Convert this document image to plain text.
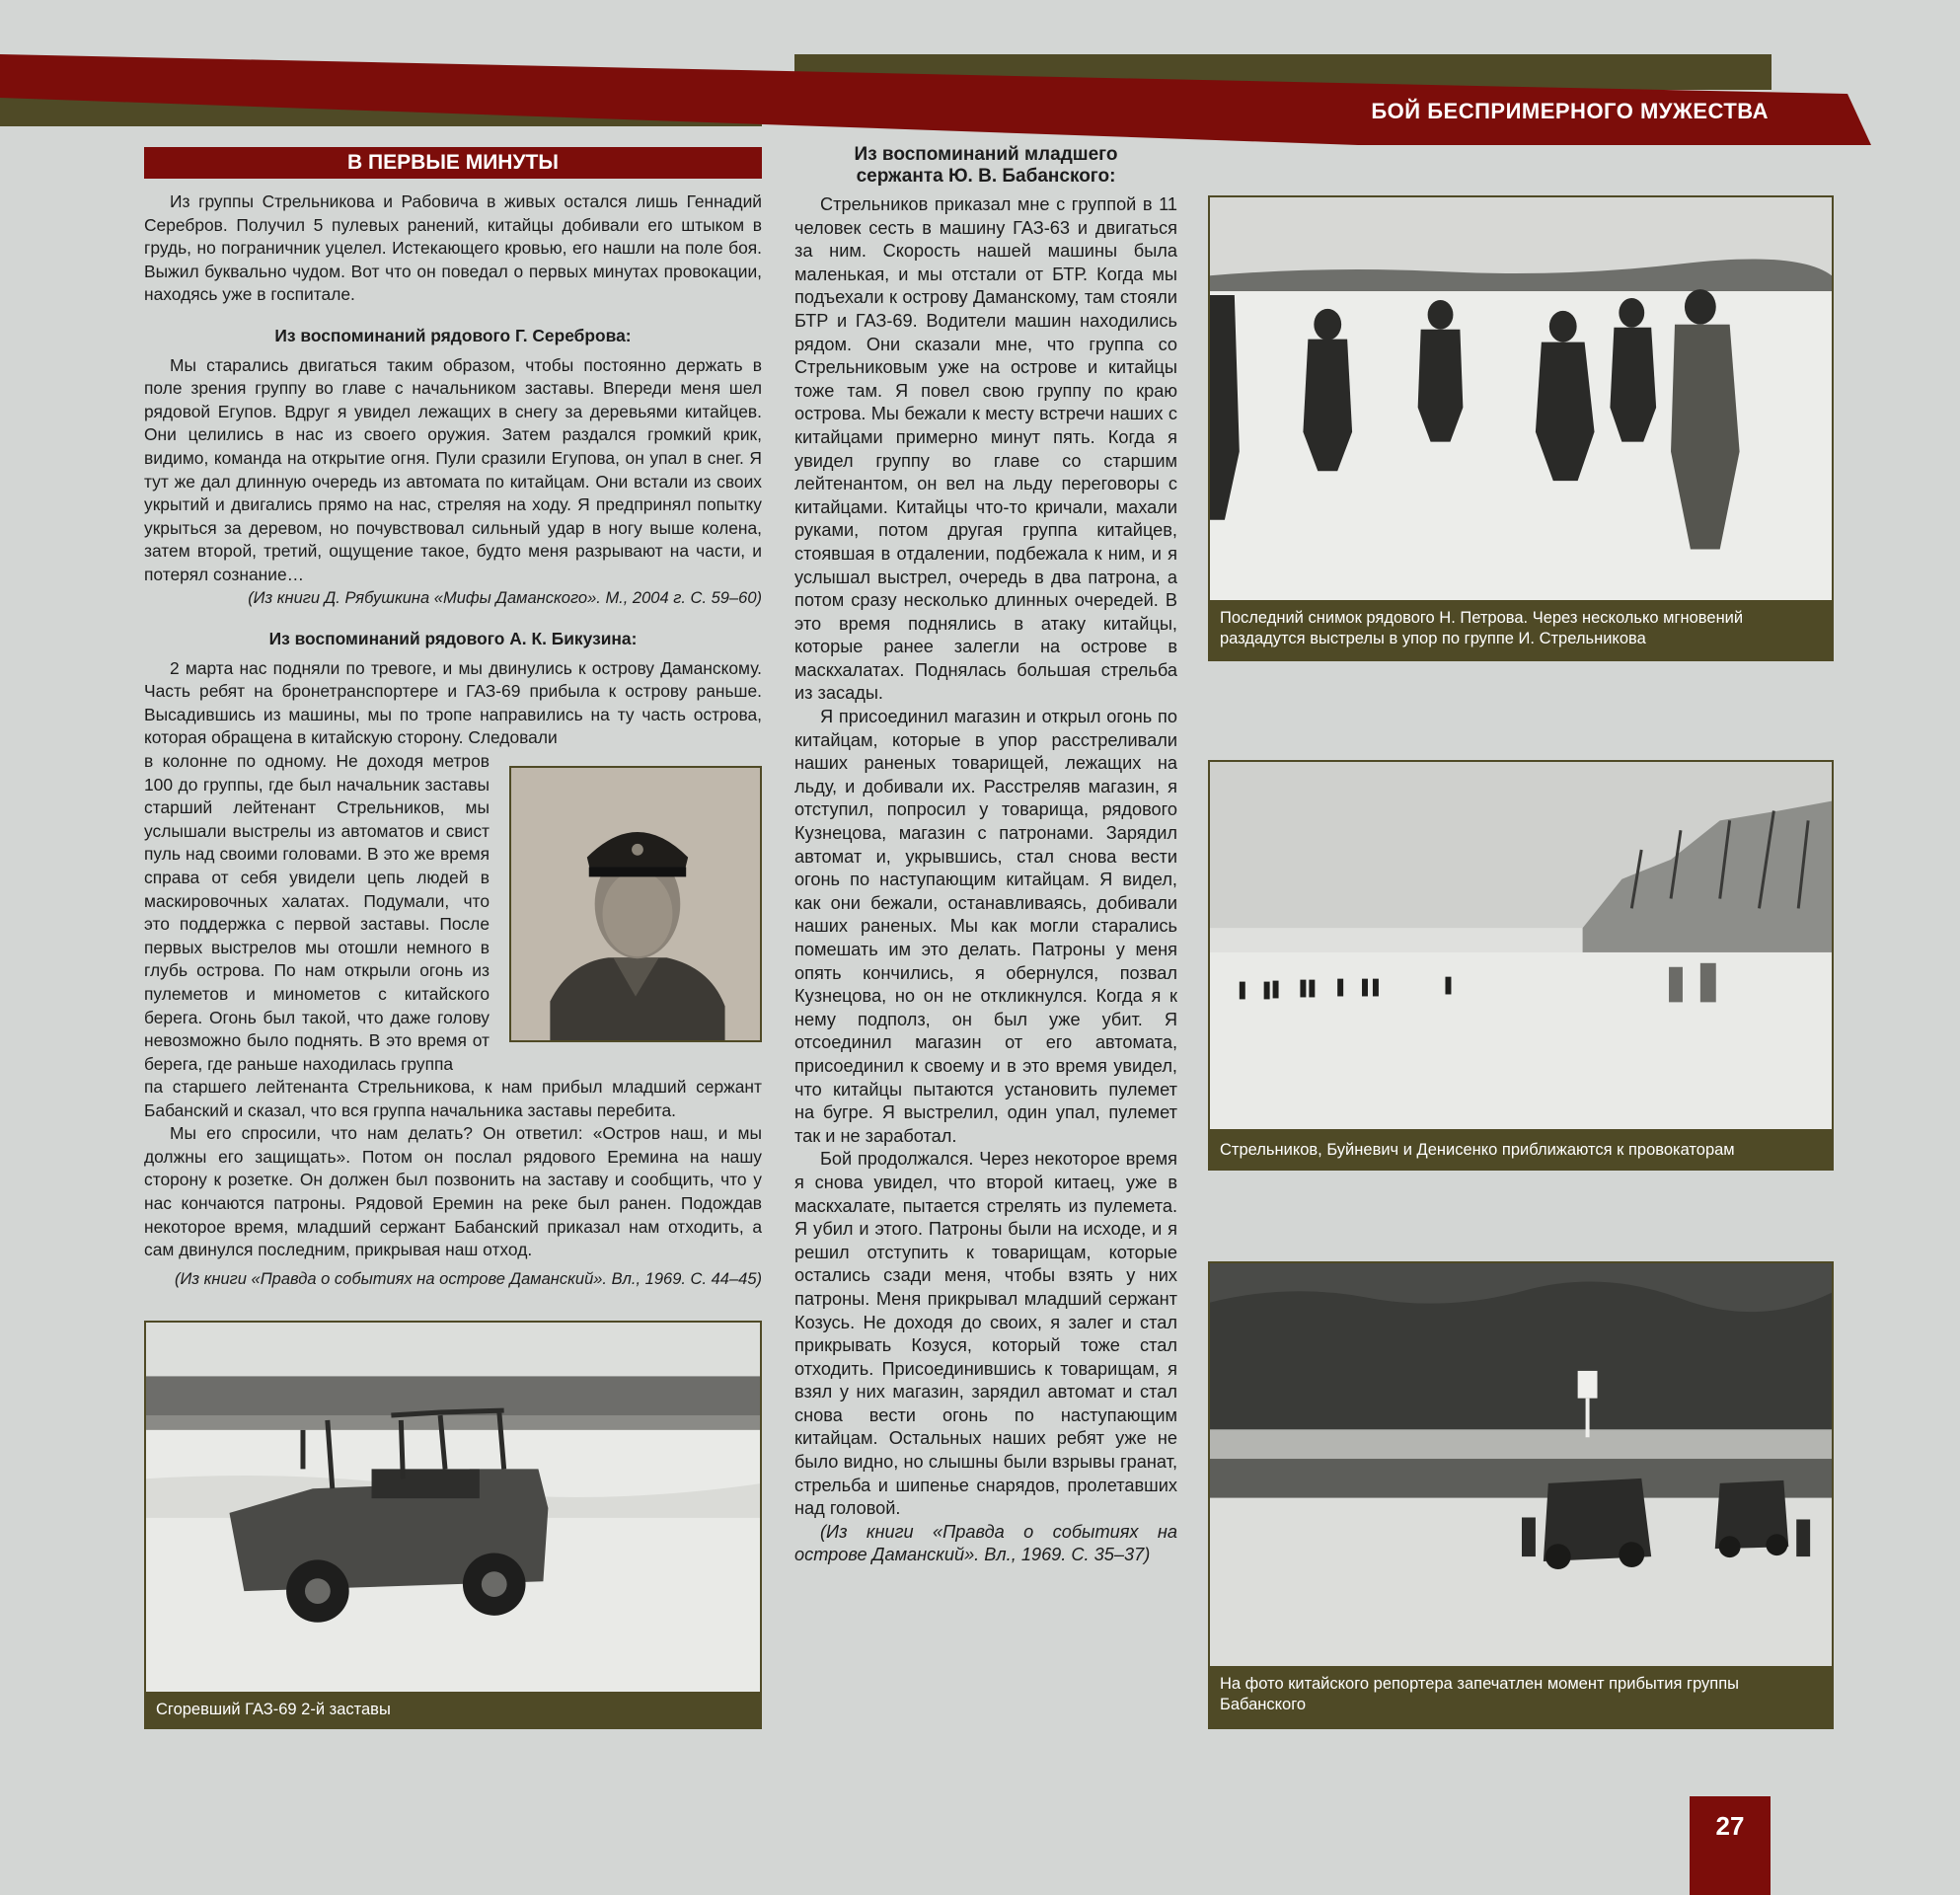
БОЙ БЕСПРИМЕРНОГО МУЖЕСТВА
В ПЕРВЫЕ МИНУТЫ

Из группы Стрельникова и Рабовича в живых остался лишь Геннадий Серебров. Получил 5 пулевых ранений, китайцы добивали его штыком в грудь, но пограничник уцелел. Истекающего кровью, его нашли на поле боя. Выжил буквально чудом. Вот что он поведал о первых минутах провокации, находясь уже в госпитале.

Из воспоминаний рядового Г. Сереброва:

Мы старались двигаться таким образом, чтобы постоянно держать в поле зрения группу во главе с начальником заставы. Впереди меня шел рядовой Егупов. Вдруг я увидел лежащих в снегу за деревьями китайцев. Они целились в нас из своего оружия. Затем раздался громкий крик, видимо, команда на открытие огня. Пули сразили Егупова, он упал в снег. Я тут же дал длинную очередь из автомата по китайцам. Они встали из своих укрытий и двигались прямо на нас, стреляя на ходу. Я предпринял попытку укрыться за деревом, но почувствовал сильный удар в ногу выше колена, затем второй, третий, ощущение такое, будто меня разрывают на части, и потерял сознание…

(Из книги Д. Рябушкина «Мифы Даманского». М., 2004 г. С. 59–60)

Из воспоминаний рядового А. К. Бикузина:

2 марта нас подняли по тревоге, и мы двинулись к острову Даманскому. Часть ребят на бронетранспортере и ГАЗ-69 прибыла к острову раньше. Высадившись из машины, мы по тропе направились на ту часть острова, которая обращена в китайскую сторону. Следовали

в колонне по одному. Не доходя метров 100 до группы, где был начальник заставы старший лейтенант Стрельников, мы услышали выстрелы из автоматов и свист пуль над своими головами. В это же время справа от себя увидели цепь людей в маскировочных халатах. Подумали, что это поддержка с первой заставы. После первых выстрелов мы отошли немного в глубь острова. По нам открыли огонь из пулеметов и минометов с китайского берега. Огонь был такой, что даже голову невозможно было поднять. В это время от берега, где раньше находилась группа

па старшего лейтенанта Стрельникова, к нам прибыл младший сержант Бабанский и сказал, что вся группа начальника заставы перебита.

Мы его спросили, что нам делать? Он ответил: «Остров наш, и мы должны его защищать». Потом он послал рядового Еремина на нашу сторону к розетке. Он должен был позвонить на заставу и сообщить, что у нас кончаются патроны. Рядовой Еремин на реке был ранен. Подождав некоторое время, младший сержант Бабанский приказал нам отходить, а сам двинулся последним, прикрывая наш отход.

(Из книги «Правда о событиях на острове Даманский». Вл., 1969. С. 44–45)

Сгоревший ГАЗ-69 2-й заставы

Из воспоминаний младшего сержанта Ю. В. Бабанского:

Стрельников приказал мне с группой в 11 человек сесть в машину ГАЗ-63 и двигаться за ним. Скорость нашей машины была маленькая, и мы отстали от БТР. Когда мы подъехали к острову Даманскому, там стояли БТР и ГАЗ-69. Водители машин находились рядом. Они сказали мне, что группа со Стрельниковым уже на острове и китайцы тоже там. Я повел свою группу по краю острова. Мы бежали к месту встречи наших с китайцами примерно минут пять. Когда я увидел группу во главе со старшим лейтенантом, он вел на льду переговоры с китайцами. Китайцы что-то кричали, махали руками, потом другая группа китайцев, стоявшая в отдалении, подбежала к ним, и я услышал выстрел, очередь в два патрона, а потом сразу несколько длинных очередей. В это время поднялись в атаку китайцы, которые ранее залегли на острове в маскхалатах. Поднялась большая стрельба из засады.

Я присоединил магазин и открыл огонь по китайцам, которые в упор расстреливали наших раненых товарищей, лежащих на льду, и добивали их. Расстреляв магазин, я отступил, попросил у товарища, рядового Кузнецова, магазин с патронами. Зарядил автомат и, укрывшись, стал снова вести огонь по наступающим китайцам. Я видел, как они бежали, останавливаясь, добивали наших раненых. Мы как могли старались помешать им это делать. Патроны у меня опять кончились, я обернулся, позвал Кузнецова, но он не откликнулся. Когда я к нему подполз, он был уже убит. Я отсоединил магазин от его автомата, присоединил к своему и в это время увидел, что китайцы пытаются установить пулемет на бугре. Я выстрелил, один упал, пулемет так и не заработал.

Бой продолжался. Через некоторое время я снова увидел, что второй китаец, уже в маскхалате, пытается стрелять из пулемета. Я убил и этого. Патроны были на исходе, и я решил отступить к товарищам, которые остались сзади меня, чтобы взять у них патроны. Меня прикрывал младший сержант Козусь. Не доходя до своих, я залег и стал прикрывать Козуся, который тоже стал отходить. Присоединившись к товарищам, я взял у них магазин, зарядил автомат и стал снова вести огонь по наступающим китайцам. Остальных наших ребят уже не было видно, но слышны были взрывы гранат, стрельба и шипенье снарядов, пролетавших над головой.

(Из книги «Правда о событиях на острове Даманский». Вл., 1969. С. 35–37)

Последний снимок рядового Н. Петрова. Через несколько мгновений раздадутся выстрелы в упор по группе И. Стрельникова
Стрельников, Буйневич и Денисенко приближаются к провокаторам
На фото китайского репортера запечатлен момент прибытия группы Бабанского
27
